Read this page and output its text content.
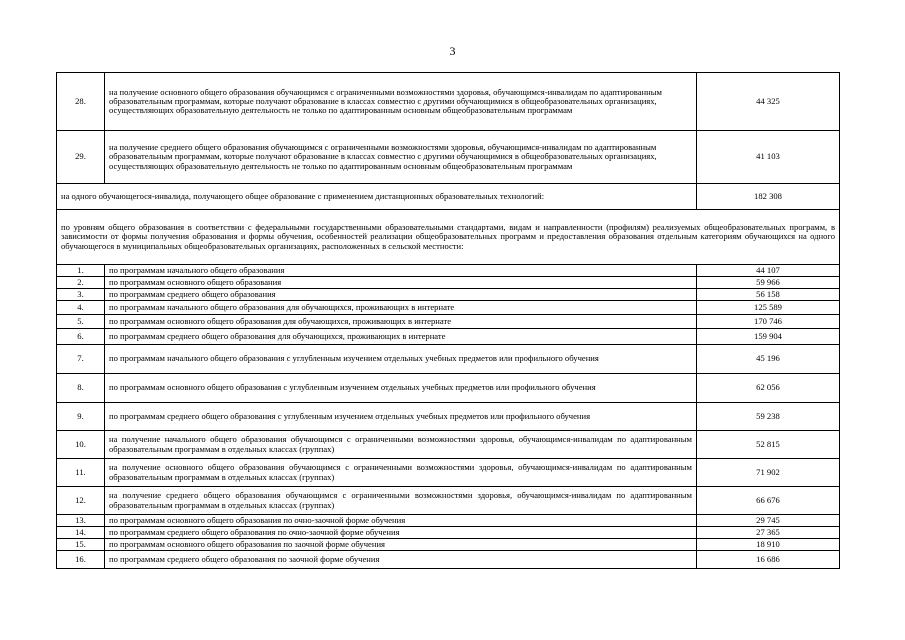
3
28.	на получение основного общего образования обучающимся с ограниченными возможностями здоровья, обучающимся-инвалидам по адаптированным образовательным программам, которые получают образование в классах совместно с другими обучающимися в общеобразовательных организациях, осуществляющих образовательную деятельность не только по адаптированным основным общеобразовательным программам	44 325
29.	на получение среднего общего образования обучающимся с ограниченными возможностями здоровья, обучающимся-инвалидам по адаптированным образовательным программам, которые получают образование в классах совместно с другими обучающимися в общеобразовательных организациях, осуществляющих образовательную деятельность не только по адаптированным основным общеобразовательным программам	41 103
на одного обучающегося-инвалида, получающего общее образование с применением дистанционных образовательных технологий:		182 308
по уровням общего образования в соответствии с федеральными государственными образовательными стандартами, видам и направленности (профилям) реализуемых общеобразовательных программ, в зависимости от формы получения образования и формы обучения, особенностей реализации общеобразовательных программ и предоставления образования отдельным категориям обучающихся на одного обучающегося в муниципальных общеобразовательных организациях, расположенных в сельской местности:		
1.	по программам начального общего образования	44 107
2.	по программам основного общего образования	59 966
3.	по программам среднего общего образования	56 158
4.	по программам начального общего образования для обучающихся, проживающих в интернате	125 589
5.	по программам основного общего образования для обучающихся, проживающих в интернате	170 746
6.	по программам среднего общего образования для обучающихся, проживающих в интернате	159 904
7.	по программам начального общего образования с углубленным изучением отдельных учебных предметов или профильного обучения	45 196
8.	по программам основного общего образования с углубленным изучением отдельных учебных предметов или профильного обучения	62 056
9.	по программам среднего общего образования с углубленным изучением отдельных учебных предметов или профильного обучения	59 238
10.	на получение начального общего образования обучающимся с ограниченными возможностями здоровья, обучающимся-инвалидам по адаптированным образовательным программам в отдельных классах (группах)	52 815
11.	на получение основного общего образования обучающимся с ограниченными возможностями здоровья, обучающимся-инвалидам по адаптированным образовательным программам в отдельных классах (группах)	71 902
12.	на получение среднего общего образования обучающимся с ограниченными возможностями здоровья, обучающимся-инвалидам по адаптированным образовательным программам в отдельных классах (группах)	66 676
13.	по программам основного общего образования по очно-заочной форме обучения	29 745
14.	по программам среднего общего образования по очно-заочной форме обучения	27 365
15.	по программам основного общего образования по заочной форме обучения	18 910
16.	по программам среднего общего образования по заочной форме обучения	16 686
